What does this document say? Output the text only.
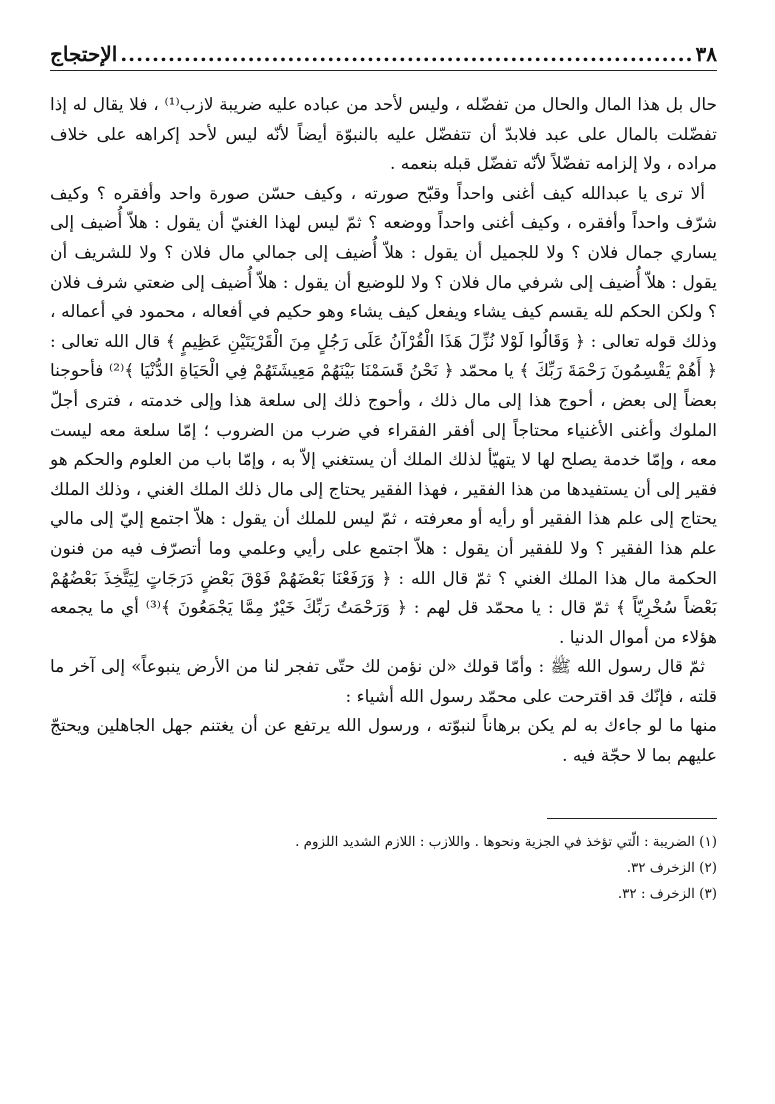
٣٨
.....
الإحتجاج

حال بل هذا المال والحال من تفضّله ، وليس لأحد من عباده عليه ضريبة لازب⁽¹⁾ ، فلا يقال له إذا تفضّلت بالمال على عبد فلابدّ أن تتفضّل عليه بالنبوّة أيضاً لأنّه ليس لأحد إكراهه على خلاف مراده ، ولا إلزامه تفضّلاً لأنّه تفضّل قبله بنعمه .

ألا ترى يا عبدالله كيف أغنى واحداً وقبّح صورته ، وكيف حسّن صورة واحد وأفقره ؟ وكيف شرّف واحداً وأفقره ، وكيف أغنى واحداً ووضعه ؟ ثمّ ليس لهذا الغنيّ أن يقول : هلاّ أُضيف إلى يساري جمال فلان ؟ ولا للجميل أن يقول : هلاّ أُضيف إلى جمالي مال فلان ؟ ولا للشريف أن يقول : هلاّ أُضيف إلى شرفي مال فلان ؟ ولا للوضيع أن يقول : هلاّ أُضيف إلى ضعتي شرف فلان ؟ ولكن الحكم لله يقسم كيف يشاء ويفعل كيف يشاء وهو حكيم في أفعاله ، محمود في أعماله ، وذلك قوله تعالى : ﴿ وَقَالُوا لَوْلا نُزِّلَ هَذَا الْقُرْآنُ عَلَى رَجُلٍ مِنَ الْقَرْيَتَيْنِ عَظِيمٍ ﴾ قال الله تعالى : ﴿ أَهُمْ يَقْسِمُونَ رَحْمَةَ رَبِّكَ ﴾ يا محمّد ﴿ نَحْنُ قَسَمْنَا بَيْنَهُمْ مَعِيشَتَهُمْ فِي الْحَيَاةِ الدُّنْيَا ﴾⁽²⁾ فأحوجنا بعضاً إلى بعض ، أحوج هذا إلى مال ذلك ، وأحوج ذلك إلى سلعة هذا وإلى خدمته ، فترى أجلّ الملوك وأغنى الأغنياء محتاجاً إلى أفقر الفقراء في ضرب من الضروب ؛ إمّا سلعة معه ليست معه ، وإمّا خدمة يصلح لها لا يتهيّأ لذلك الملك أن يستغني إلاّ به ، وإمّا باب من العلوم والحكم هو فقير إلى أن يستفيدها من هذا الفقير ، فهذا الفقير يحتاج إلى مال ذلك الملك الغني ، وذلك الملك يحتاج إلى علم هذا الفقير أو رأيه أو معرفته ، ثمّ ليس للملك أن يقول : هلاّ اجتمع إليّ إلى مالي علم هذا الفقير ؟ ولا للفقير أن يقول : هلاّ اجتمع على رأيي وعلمي وما أتصرّف فيه من فنون الحكمة مال هذا الملك الغني ؟ ثمّ قال الله : ﴿ وَرَفَعْنَا بَعْضَهُمْ فَوْقَ بَعْضٍ دَرَجَاتٍ لِيَتَّخِذَ بَعْضُهُمْ بَعْضاً سُخْرِيّاً ﴾ ثمّ قال : يا محمّد قل لهم : ﴿ وَرَحْمَتُ رَبِّكَ خَيْرٌ مِمَّا يَجْمَعُونَ ﴾⁽³⁾ أي ما يجمعه هؤلاء من أموال الدنيا .

ثمّ قال رسول الله ﷺ : وأمّا قولك «لن نؤمن لك حتّى تفجر لنا من الأرض ينبوعاً» إلى آخر ما قلته ، فإنّك قد اقترحت على محمّد رسول الله أشياء :

منها ما لو جاءك به لم يكن برهاناً لنبوّته ، ورسول الله يرتفع عن أن يغتنم جهل الجاهلين ويحتجّ عليهم بما لا حجّة فيه .

(١) الضريبة : الّتي تؤخذ في الجزية ونحوها . واللازب : اللازم الشديد اللزوم .

(٢) الزخرف ٣٢.

(٣) الزخرف : ٣٢.
